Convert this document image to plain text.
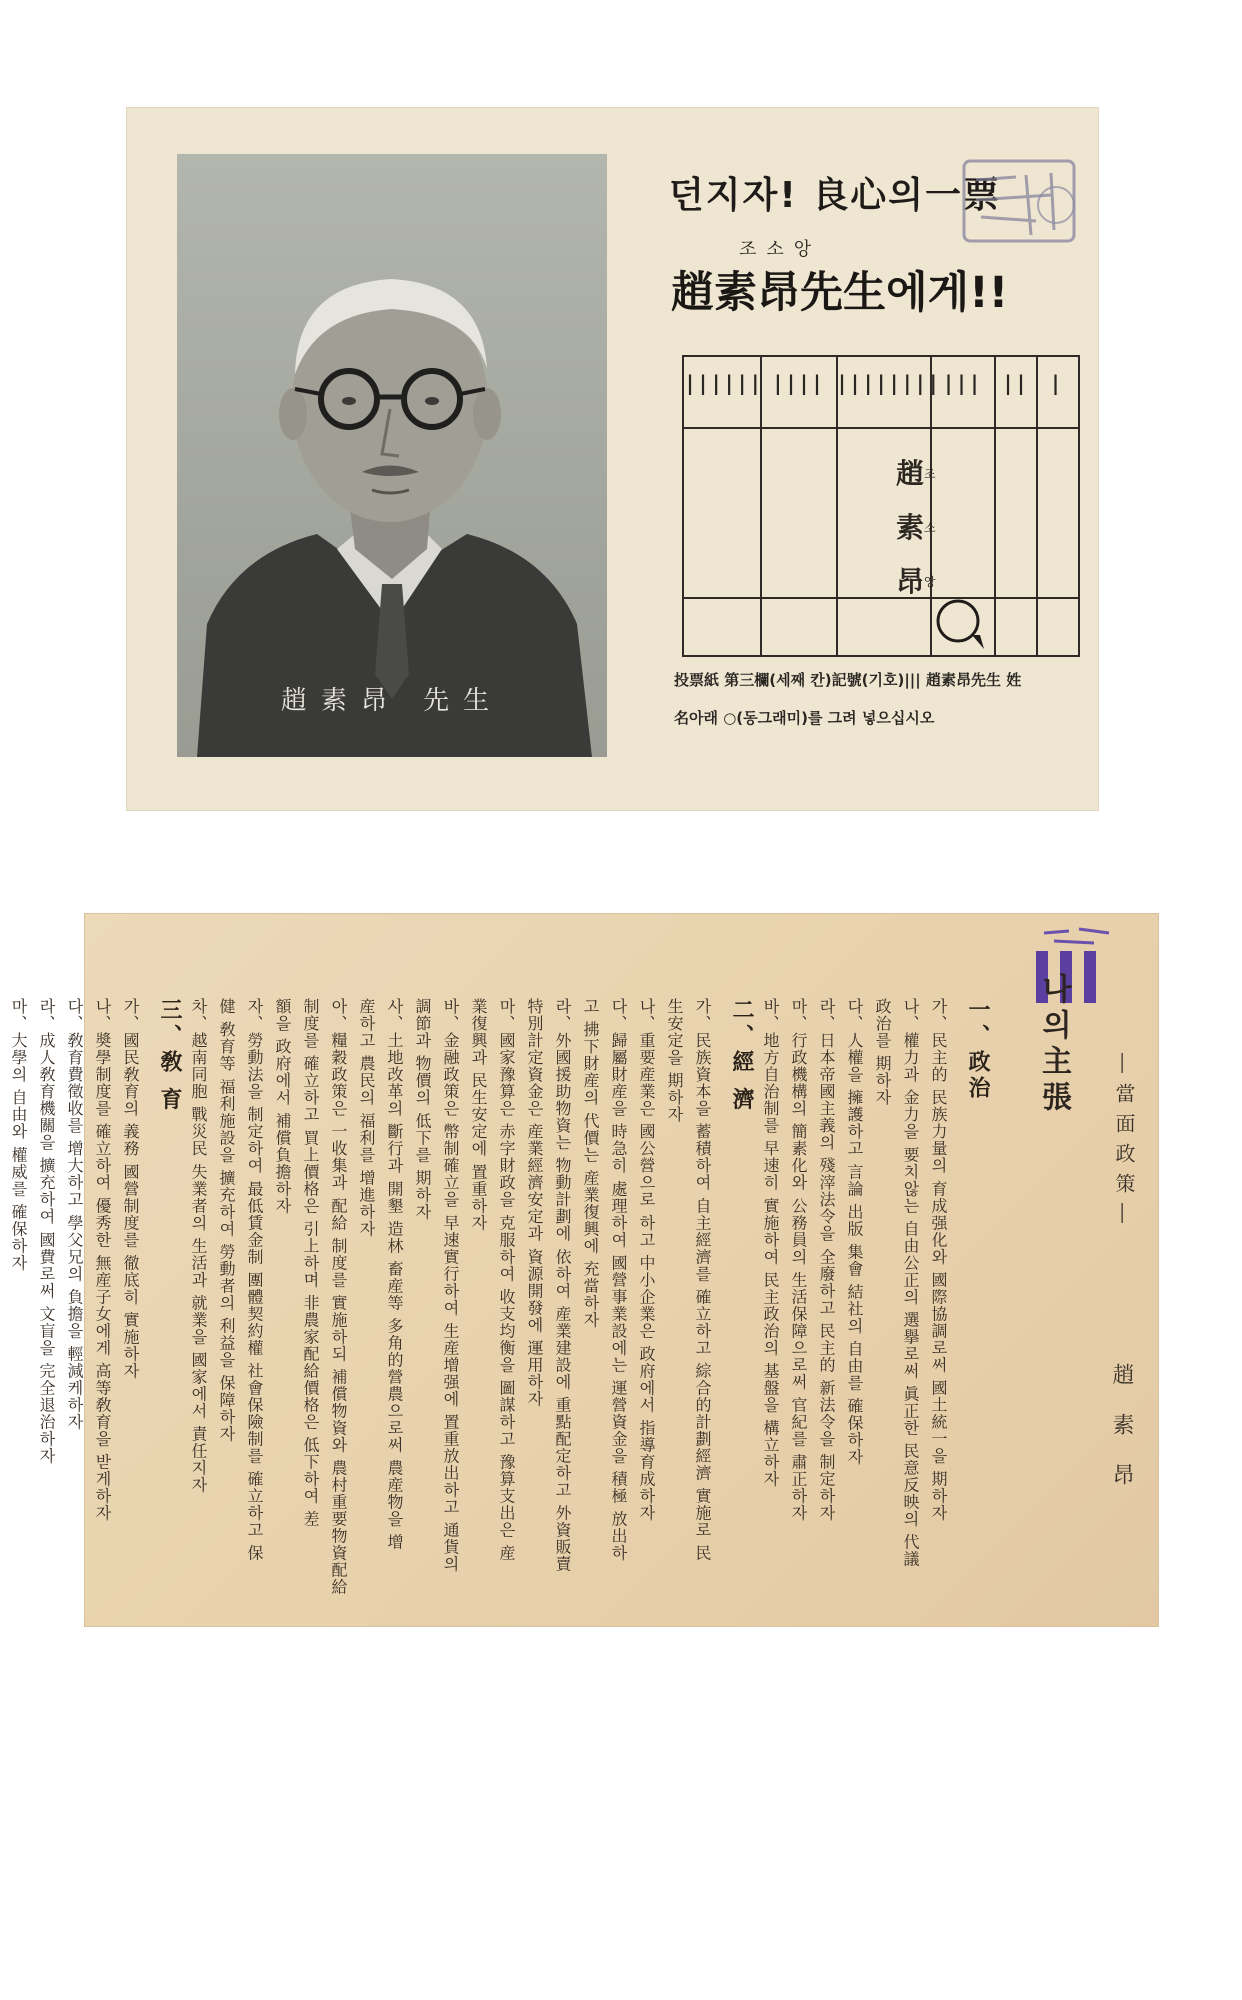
趙素昂 先生
던지자! 良心의一票
조소앙
趙素昂先生에게!!
|||||| |||| |||||||| |||	||	|
趙$^조$
素$^소$
昂$^앙$
投票紙 第三欄(세째 칸)記號(기호)||| 趙素昂先生 姓
名아래 ○(동그래미)를 그려 넣으십시오
나의主張
―當面政策―
趙素昂
一、政治
가、民主的 民族力量의 育成强化와 國際協調로써 國土統一을 期하자
나、權力과 金力을 要치않는 自由公正의 選擧로써 眞正한 民意反映의 代議
政治를 期하자
다、人權을 擁護하고 言論 出版 集會 結社의 自由를 確保하자
라、日本帝國主義의 殘滓法令을 全廢하고 民主的 新法令을 制定하자
마、行政機構의 簡素化와 公務員의 生活保障으로써 官紀를 肅正하자
바、地方自治制를 早速히 實施하여 民主政治의 基盤을 構立하자
二、經 濟
가、民族資本을 蓄積하여 自主經濟를 確立하고 綜合的計劃經濟 實施로 民
生安定을 期하자
나、重要産業은 國公營으로 하고 中小企業은 政府에서 指導育成하자
다、歸屬財産을 時急히 處理하여 國營事業設에는 運營資金을 積極 放出하
고 拂下財産의 代價는 産業復興에 充當하자
라、外國援助物資는 物動計劃에 依하여 産業建設에 重點配定하고 外資販賣
特別計定資金은 産業經濟安定과 資源開發에 運用하자
마、國家豫算은 赤字財政을 克服하여 收支均衡을 圖謀하고 豫算支出은 産
業復興과 民生安定에 置重하자
바、金融政策은 幣制確立을 早速實行하여 生産增强에 置重放出하고 通貨의
調節과 物價의 低下를 期하자
사、土地改革의 斷行과 開墾 造林 畜産等 多角的營農으로써 農産物을 增
産하고 農民의 福利를 增進하자
아、糧穀政策은 一收集과 配給 制度를 實施하되 補償物資와 農村重要物資配給
制度를 確立하고 買上價格은 引上하며 非農家配給價格은 低下하여 差
額을 政府에서 補償負擔하자
자、勞動法을 制定하여 最低賃金制 團體契約權 社會保險制를 確立하고 保
健 敎育等 福利施設을 擴充하여 勞動者의 利益을 保障하자
차、越南同胞 戰災民 失業者의 生活과 就業을 國家에서 責任지자
三、敎 育
가、國民敎育의 義務 國營制度를 徹底히 實施하자
나、奬學制度를 確立하여 優秀한 無産子女에게 高等敎育을 받게하자
다、敎育費徵收를 增大하고 學父兄의 負擔을 輕減케하자
라、成人敎育機關을 擴充하여 國費로써 文盲을 完全退治하자
마、大學의 自由와 權威를 確保하자
